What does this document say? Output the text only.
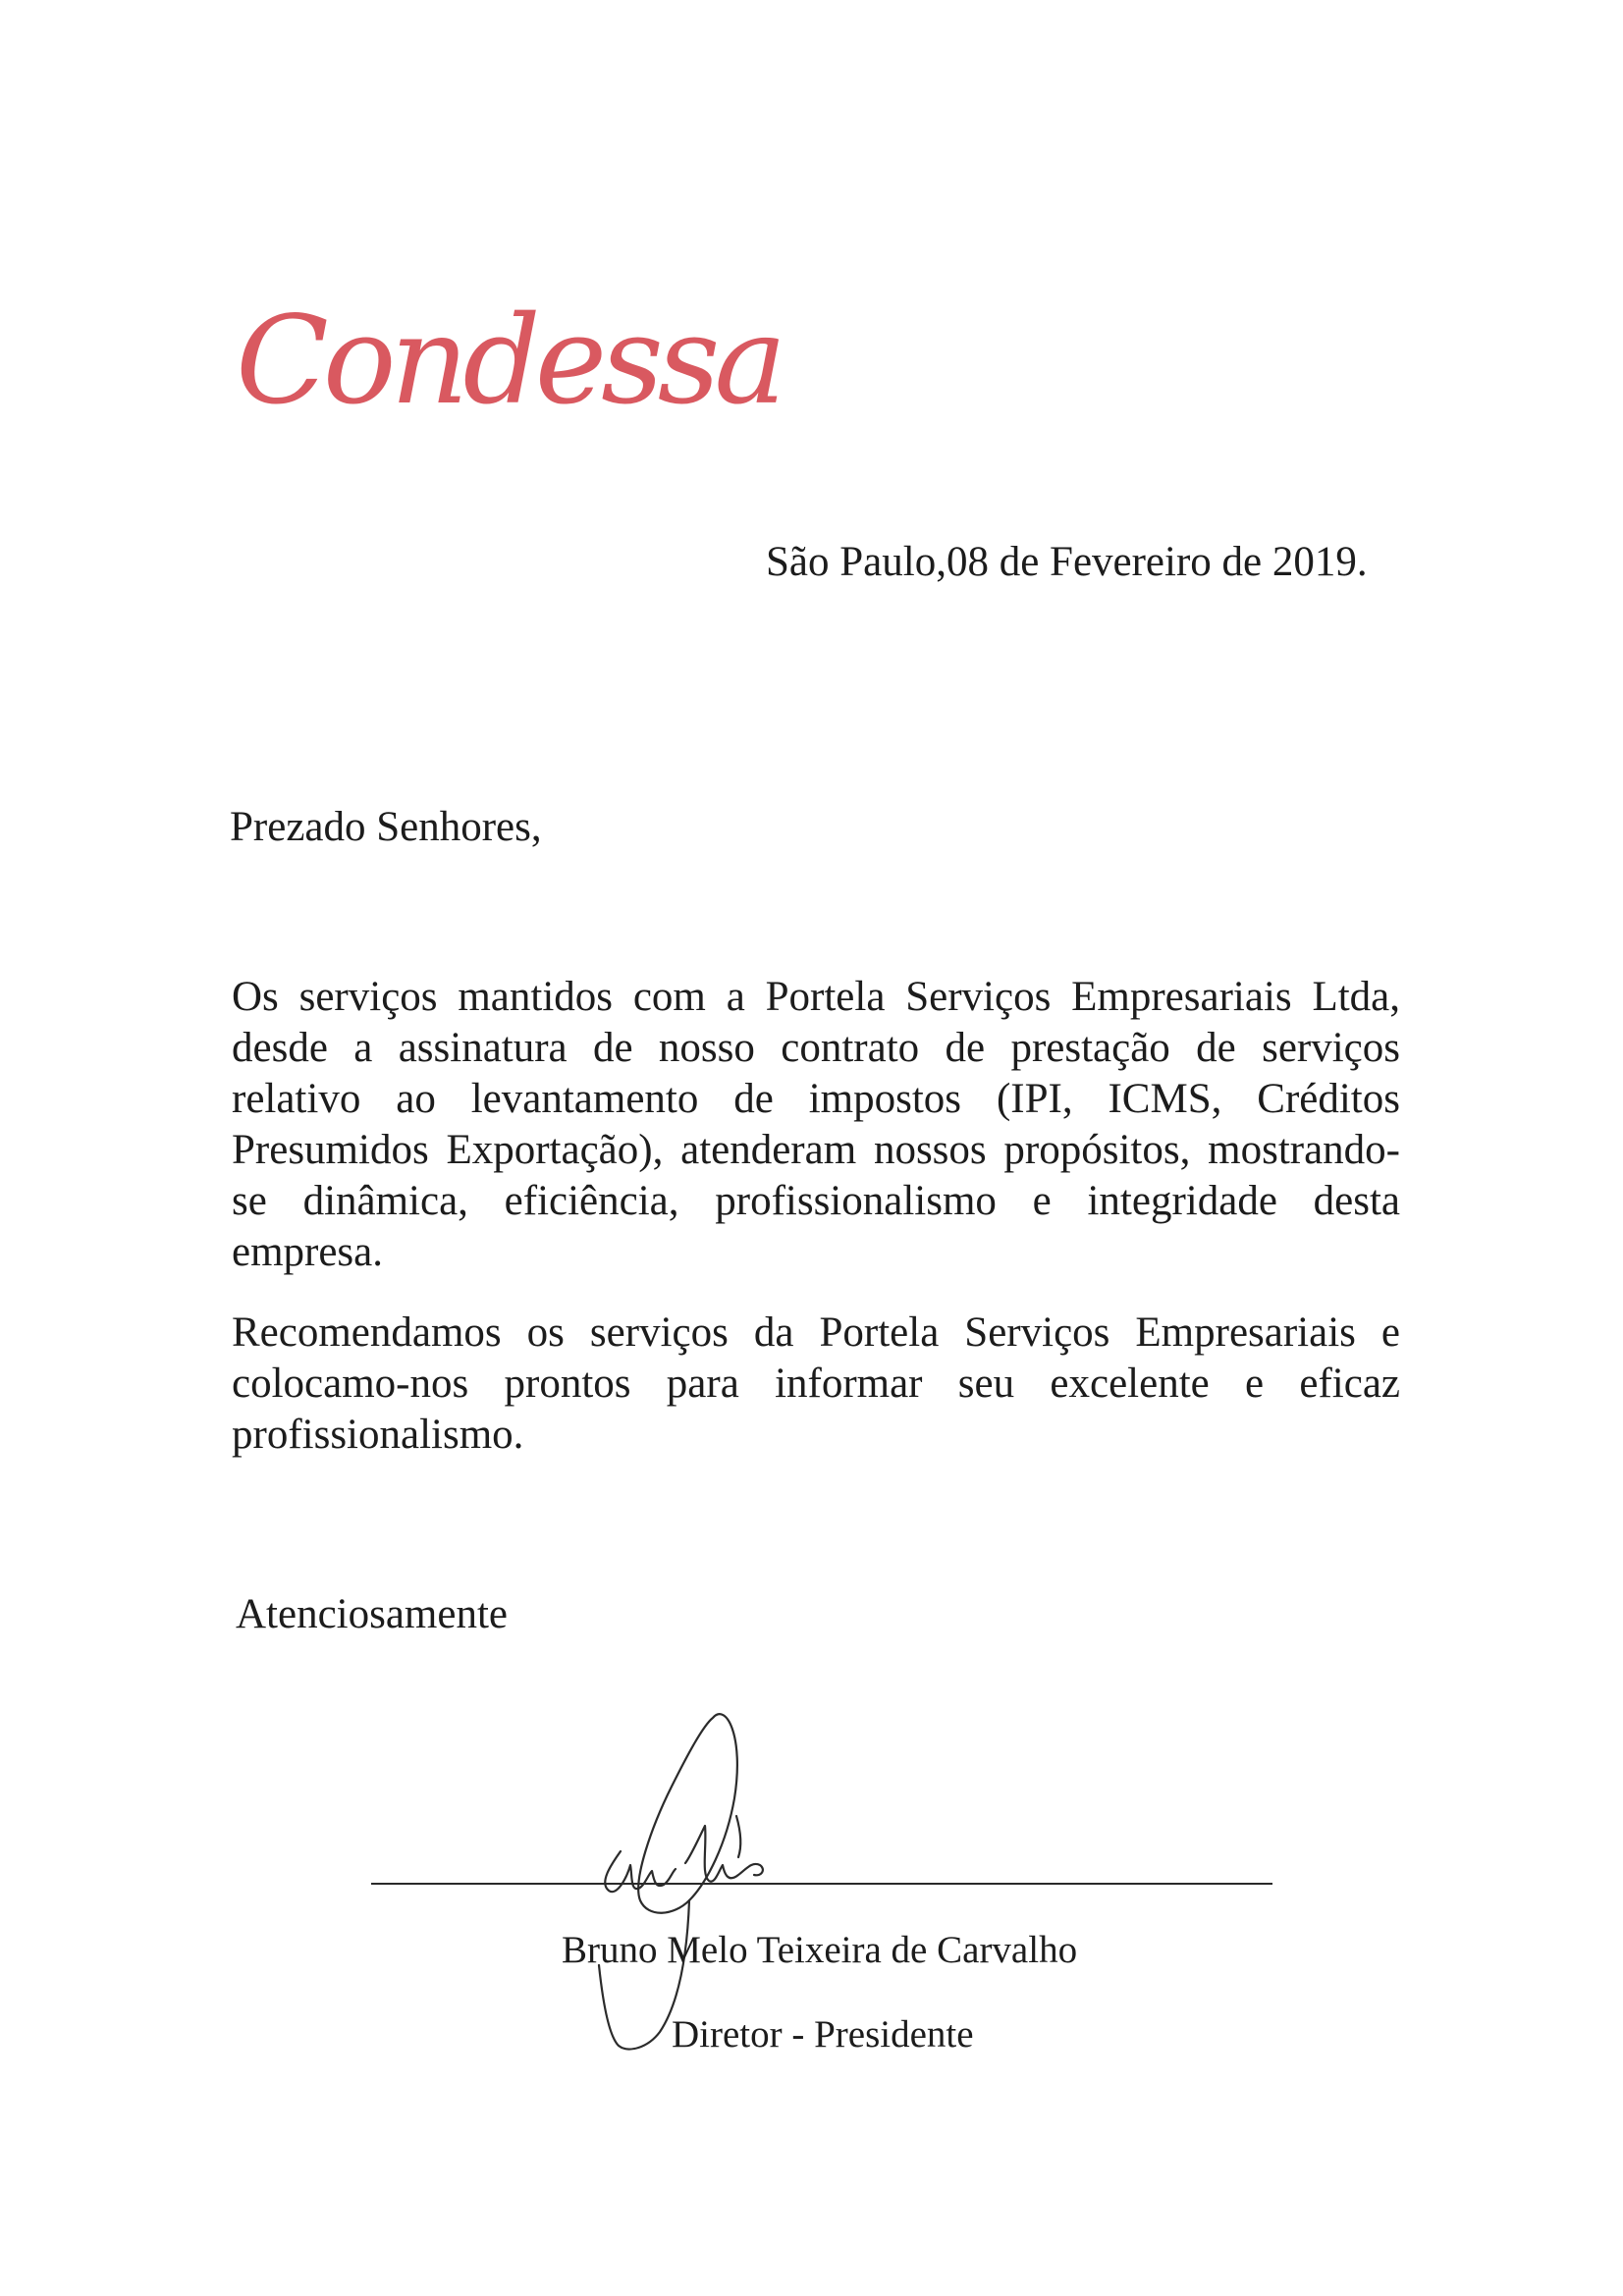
Condessa
São Paulo,08 de Fevereiro de 2019.
Prezado Senhores,

Os serviços mantidos com a Portela Serviços Empresariais Ltda, desde a assinatura de nosso contrato de prestação de serviços relativo ao levantamento de impostos (IPI, ICMS, Créditos Presumidos Exportação), atenderam nossos propósitos, mostrando-se dinâmica, eficiência, profissionalismo e integridade desta empresa.

Recomendamos os serviços da Portela Serviços Empresariais e colocamo-nos prontos para informar seu excelente e eficaz profissionalismo.

Atenciosamente
Bruno Melo Teixeira de Carvalho
Diretor - Presidente
